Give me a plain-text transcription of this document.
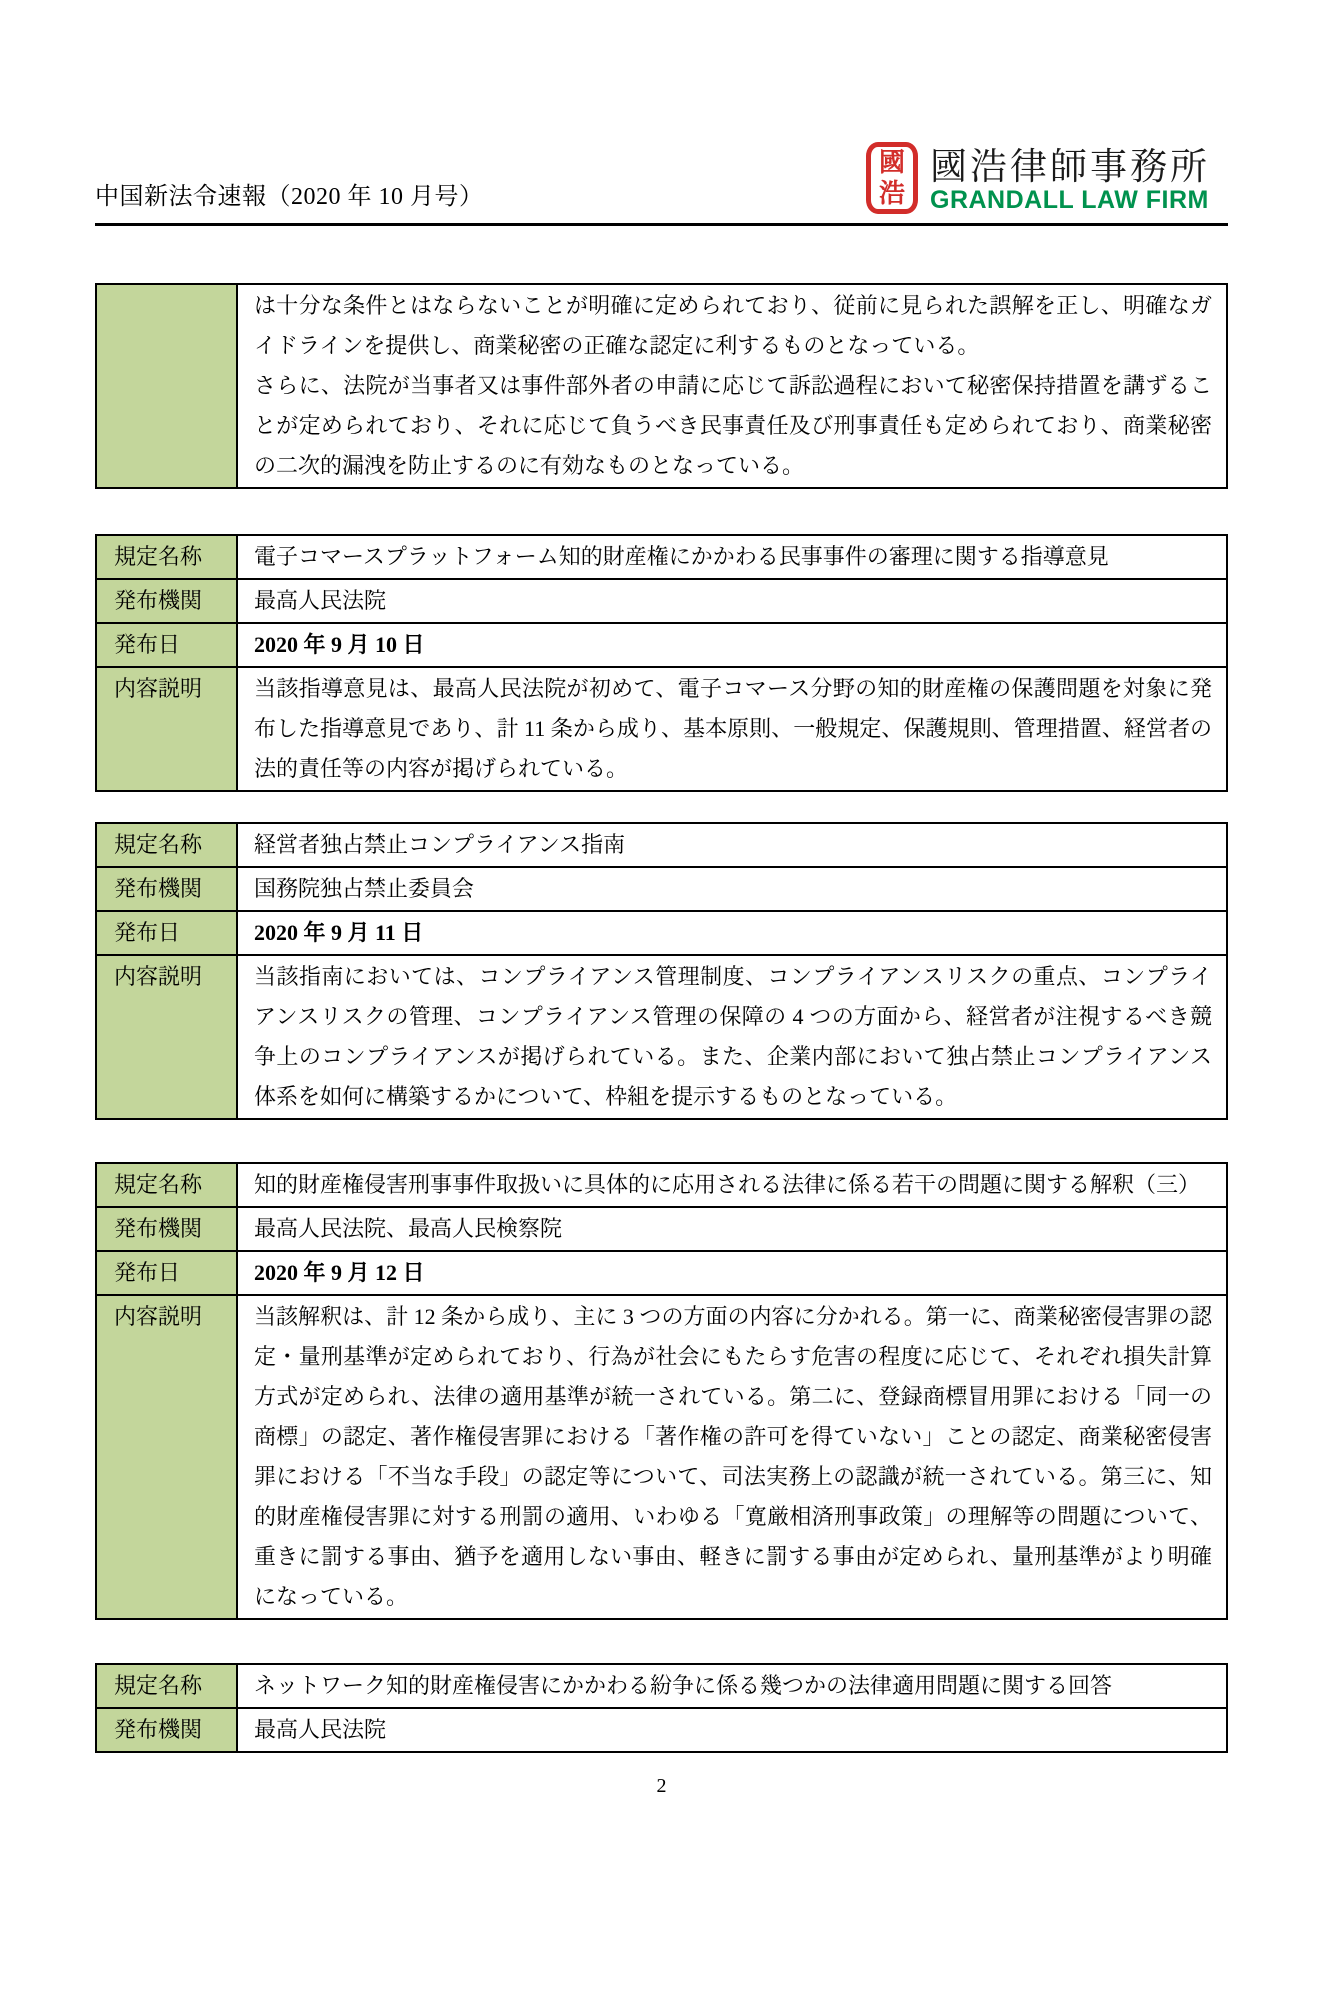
中国新法令速報（2020 年 10 月号）
國
浩
國浩律師事務所
GRANDALL LAW FIRM

は十分な条件とはならないことが明確に定められており、従前に見られた誤解を正し、明確なガイドラインを提供し、商業秘密の正確な認定に利するものとなっている。
さらに、法院が当事者又は事件部外者の申請に応じて訴訟過程において秘密保持措置を講ずることが定められており、それに応じて負うべき民事責任及び刑事責任も定められており、商業秘密の二次的漏洩を防止するのに有効なものとなっている。
規定名称	電子コマースプラットフォーム知的財産権にかかわる民事事件の審理に関する指導意見
発布機関	最高人民法院
発布日	2020 年 9 月 10 日
内容説明	当該指導意見は、最高人民法院が初めて、電子コマース分野の知的財産権の保護問題を対象に発布した指導意見であり、計 11 条から成り、基本原則、一般規定、保護規則、管理措置、経営者の法的責任等の内容が掲げられている。
規定名称	経営者独占禁止コンプライアンス指南
発布機関	国務院独占禁止委員会
発布日	2020 年 9 月 11 日
内容説明	当該指南においては、コンプライアンス管理制度、コンプライアンスリスクの重点、コンプライアンスリスクの管理、コンプライアンス管理の保障の 4 つの方面から、経営者が注視するべき競争上のコンプライアンスが掲げられている。また、企業内部において独占禁止コンプライアンス体系を如何に構築するかについて、枠組を提示するものとなっている。
規定名称	知的財産権侵害刑事事件取扱いに具体的に応用される法律に係る若干の問題に関する解釈（三）
発布機関	最高人民法院、最高人民検察院
発布日	2020 年 9 月 12 日
内容説明	当該解釈は、計 12 条から成り、主に 3 つの方面の内容に分かれる。第一に、商業秘密侵害罪の認定・量刑基準が定められており、行為が社会にもたらす危害の程度に応じて、それぞれ損失計算方式が定められ、法律の適用基準が統一されている。第二に、登録商標冒用罪における「同一の商標」の認定、著作権侵害罪における「著作権の許可を得ていない」ことの認定、商業秘密侵害罪における「不当な手段」の認定等について、司法実務上の認識が統一されている。第三に、知的財産権侵害罪に対する刑罰の適用、いわゆる「寛厳相済刑事政策」の理解等の問題について、重きに罰する事由、猶予を適用しない事由、軽きに罰する事由が定められ、量刑基準がより明確になっている。
規定名称	ネットワーク知的財産権侵害にかかわる紛争に係る幾つかの法律適用問題に関する回答
発布機関	最高人民法院
2
